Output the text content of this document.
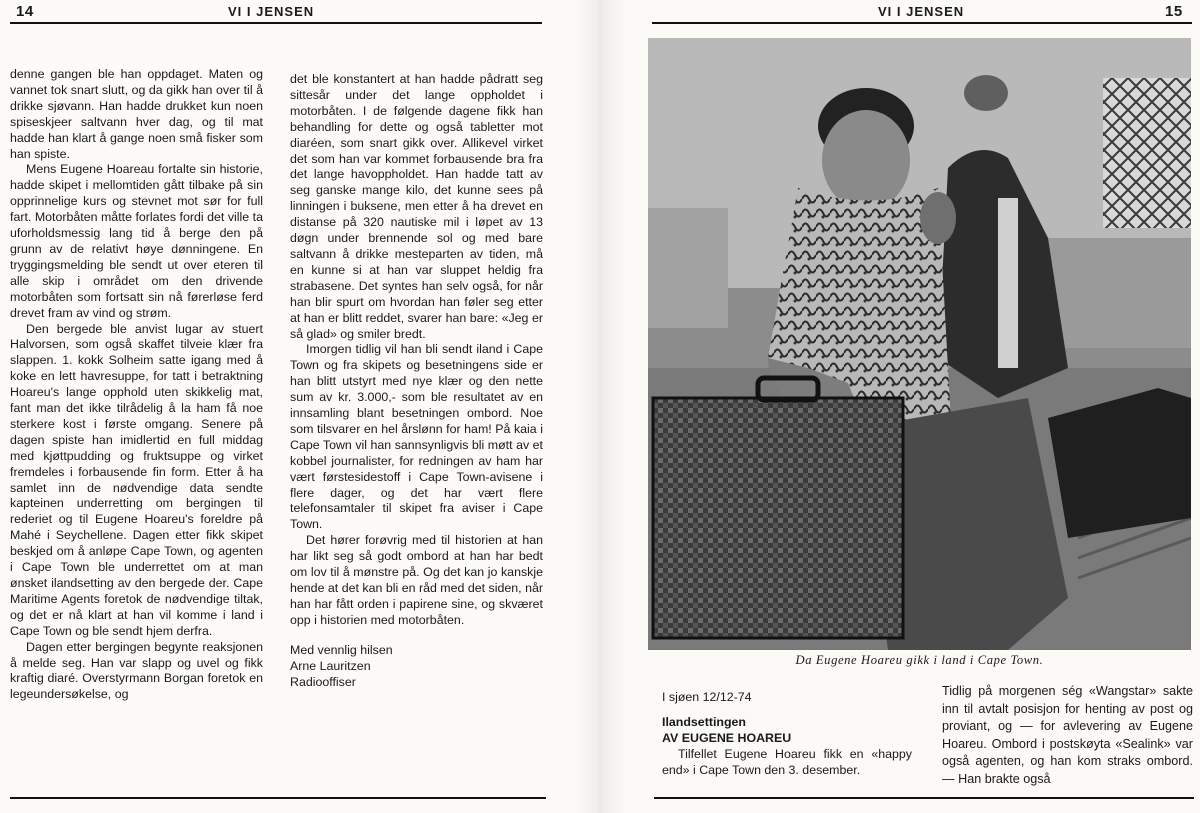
14	VI I JENSEN

denne gangen ble han oppdaget. Maten og vannet tok snart slutt, og da gikk han over til å drikke sjøvann. Han hadde drukket kun noen spiseskjeer saltvann hver dag, og til mat hadde han klart å gange noen små fisker som han spiste.

Mens Eugene Hoareau fortalte sin historie, hadde skipet i mellomtiden gått tilbake på sin opprinnelige kurs og stevnet mot sør for full fart. Motorbåten måtte forlates fordi det ville ta uforholdsmessig lang tid å berge den på grunn av de relativt høye dønningene. En tryggingsmelding ble sendt ut over eteren til alle skip i området om den drivende motorbåten som fortsatt sin nå førerløse ferd drevet fram av vind og strøm.

Den bergede ble anvist lugar av stuert Halvorsen, som også skaffet tilveie klær fra slappen. 1. kokk Solheim satte igang med å koke en lett havresuppe, for tatt i betraktning Hoareu's lange opphold uten skikkelig mat, fant man det ikke tilrådelig å la ham få noe sterkere kost i første omgang. Senere på dagen spiste han imidlertid en full middag med kjøttpudding og fruktsuppe og virket fremdeles i forbausende fin form. Etter å ha samlet inn de nødvendige data sendte kapteinen underretting om bergingen til rederiet og til Eugene Hoareu's foreldre på Mahé i Seychellene. Dagen etter fikk skipet beskjed om å anløpe Cape Town, og agenten i Cape Town ble underrettet om at man ønsket ilandsetting av den bergede der. Cape Maritime Agents foretok de nødvendige tiltak, og det er nå klart at han vil komme i land i Cape Town og ble sendt hjem derfra.

Dagen etter bergingen begynte reaksjonen å melde seg. Han var slapp og uvel og fikk kraftig diaré. Overstyrmann Borgan foretok en legeundersøkelse, og

det ble konstantert at han hadde pådratt seg sittesår under det lange oppholdet i motorbåten. I de følgende dagene fikk han behandling for dette og også tabletter mot diaréen, som snart gikk over. Allikevel virket det som han var kommet forbausende bra fra det lange havoppholdet. Han hadde tatt av seg ganske mange kilo, det kunne sees på linningen i buksene, men etter å ha drevet en distanse på 320 nautiske mil i løpet av 13 døgn under brennende sol og med bare saltvann å drikke mesteparten av tiden, må en kunne si at han var sluppet heldig fra strabasene. Det syntes han selv også, for når han blir spurt om hvordan han føler seg etter at han er blitt reddet, svarer han bare: «Jeg er så glad» og smiler bredt.

Imorgen tidlig vil han bli sendt iland i Cape Town og fra skipets og besetningens side er han blitt utstyrt med nye klær og den nette sum av kr. 3.000,- som ble resultatet av en innsamling blant besetningen ombord. Noe som tilsvarer en hel årslønn for ham! På kaia i Cape Town vil han sannsynligvis bli møtt av et kobbel journalister, for redningen av ham har vært førstesidestoff i Cape Town-avisene i flere dager, og det har vært flere telefonsamtaler til skipet fra aviser i Cape Town.

Det hører forøvrig med til historien at han har likt seg så godt ombord at han har bedt om lov til å mønstre på. Og det kan jo kanskje hende at det kan bli en råd med det siden, når han har fått orden i papirene sine, og skværet opp i historien med motorbåten.

Med vennlig hilsen

Arne Lauritzen

Radiooffiser

VI I JENSEN	15
Da Eugene Hoareu gikk i land i Cape Town.

I sjøen 12/12-74

Ilandsettingen

AV EUGENE HOAREU

Tilfellet Eugene Hoareu fikk en «happy end» i Cape Town den 3. desember.

Tidlig på morgenen ség «Wangstar» sakte inn til avtalt posisjon for henting av post og proviant, og — for avlevering av Eugene Hoareu. Ombord i postskøyta «Sealink» var også agenten, og han kom straks ombord. — Han brakte også
